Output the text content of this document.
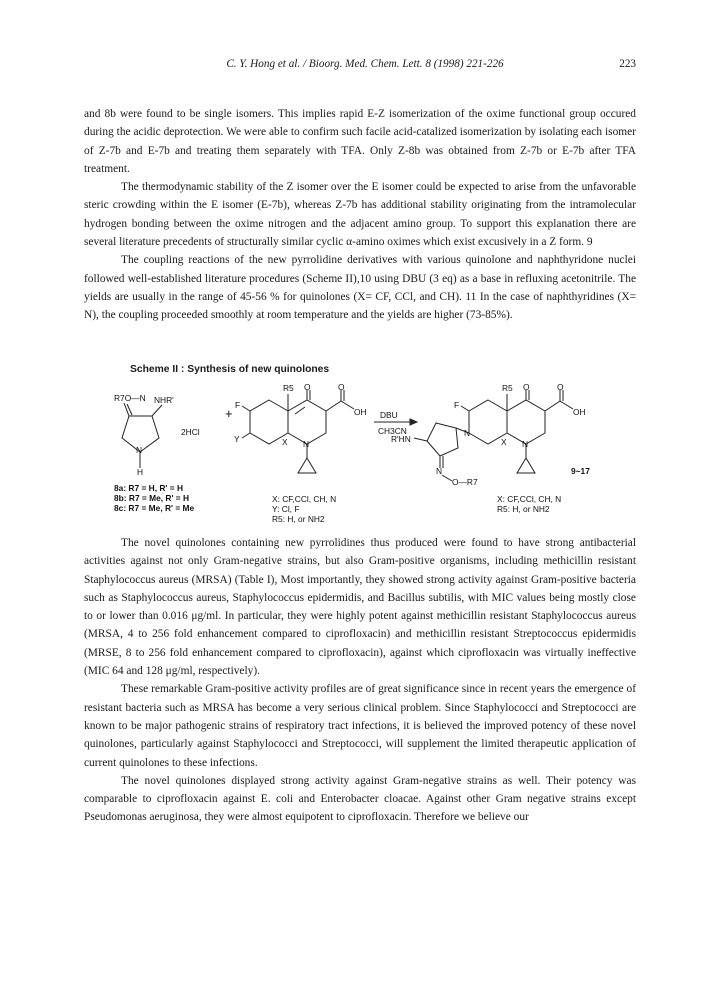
C. Y. Hong et al. / Bioorg. Med. Chem. Lett. 8 (1998) 221-226	223

and 8b were found to be single isomers. This implies rapid E-Z isomerization of the oxime functional group occured during the acidic deprotection. We were able to confirm such facile acid-catalized isomerization by isolating each isomer of Z-7b and E-7b and treating them separately with TFA. Only Z-8b was obtained from Z-7b or E-7b after TFA treatment.

The thermodynamic stability of the Z isomer over the E isomer could be expected to arise from the unfavorable steric crowding within the E isomer (E-7b), whereas Z-7b has additional stability originating from the intramolecular hydrogen bonding between the oxime nitrogen and the adjacent amino group. To support this explanation there are several literature precedents of structurally similar cyclic α-amino oximes which exist excusively in a Z form. 9

The coupling reactions of the new pyrrolidine derivatives with various quinolone and naphthyridone nuclei followed well-established literature procedures (Scheme II),10 using DBU (3 eq) as a base in refluxing acetonitrile. The yields are usually in the range of 45-56 % for quinolones (X= CF, CCl, and CH). 11 In the case of naphthyridines (X= N), the coupling proceeded smoothly at room temperature and the yields are higher (73-85%).

Scheme II : Synthesis of new quinolones
R7O—N NHR'
2HCl
N
H
+
R5 O	O
OH
F
Y	X N
DBU
CH3CN
R5 O	O
OH
F
R'HN
N
X N
N
O—R7
9~17
8a: R7 = H, R' = H
8b: R7 = Me, R' = H
8c: R7 = Me, R' = Me
X: CF,CCl, CH, N
Y: Cl, F
R5: H, or NH2
X: CF,CCl, CH, N
R5: H, or NH2

The novel quinolones containing new pyrrolidines thus produced were found to have strong antibacterial activities against not only Gram-negative strains, but also Gram-positive organisms, including methicillin resistant Staphylococcus aureus (MRSA) (Table I), Most importantly, they showed strong activity against Gram-positive bacteria such as Staphylococcus aureus, Staphylococcus epidermidis, and Bacillus subtilis, with MIC values being mostly close to or lower than 0.016 μg/ml. In particular, they were highly potent against methicillin resistant Staphylococcus aureus (MRSA, 4 to 256 fold enhancement compared to ciprofloxacin) and methicillin resistant Streptococcus epidermidis (MRSE, 8 to 256 fold enhancement compared to ciprofloxacin), against which ciprofloxacin was virtually ineffective (MIC 64 and 128 μg/ml, respectively).

These remarkable Gram-positive activity profiles are of great significance since in recent years the emergence of resistant bacteria such as MRSA has become a very serious clinical problem. Since Staphylococci and Streptococci are known to be major pathogenic strains of respiratory tract infections, it is believed the improved potency of these novel quinolones, particularly against Staphylococci and Streptococci, will supplement the limited therapeutic application of current quinolones to these infections.

The novel quinolones displayed strong activity against Gram-negative strains as well. Their potency was comparable to ciprofloxacin against E. coli and Enterobacter cloacae. Against other Gram negative strains except Pseudomonas aeruginosa, they were almost equipotent to ciprofloxacin. Therefore we believe our
